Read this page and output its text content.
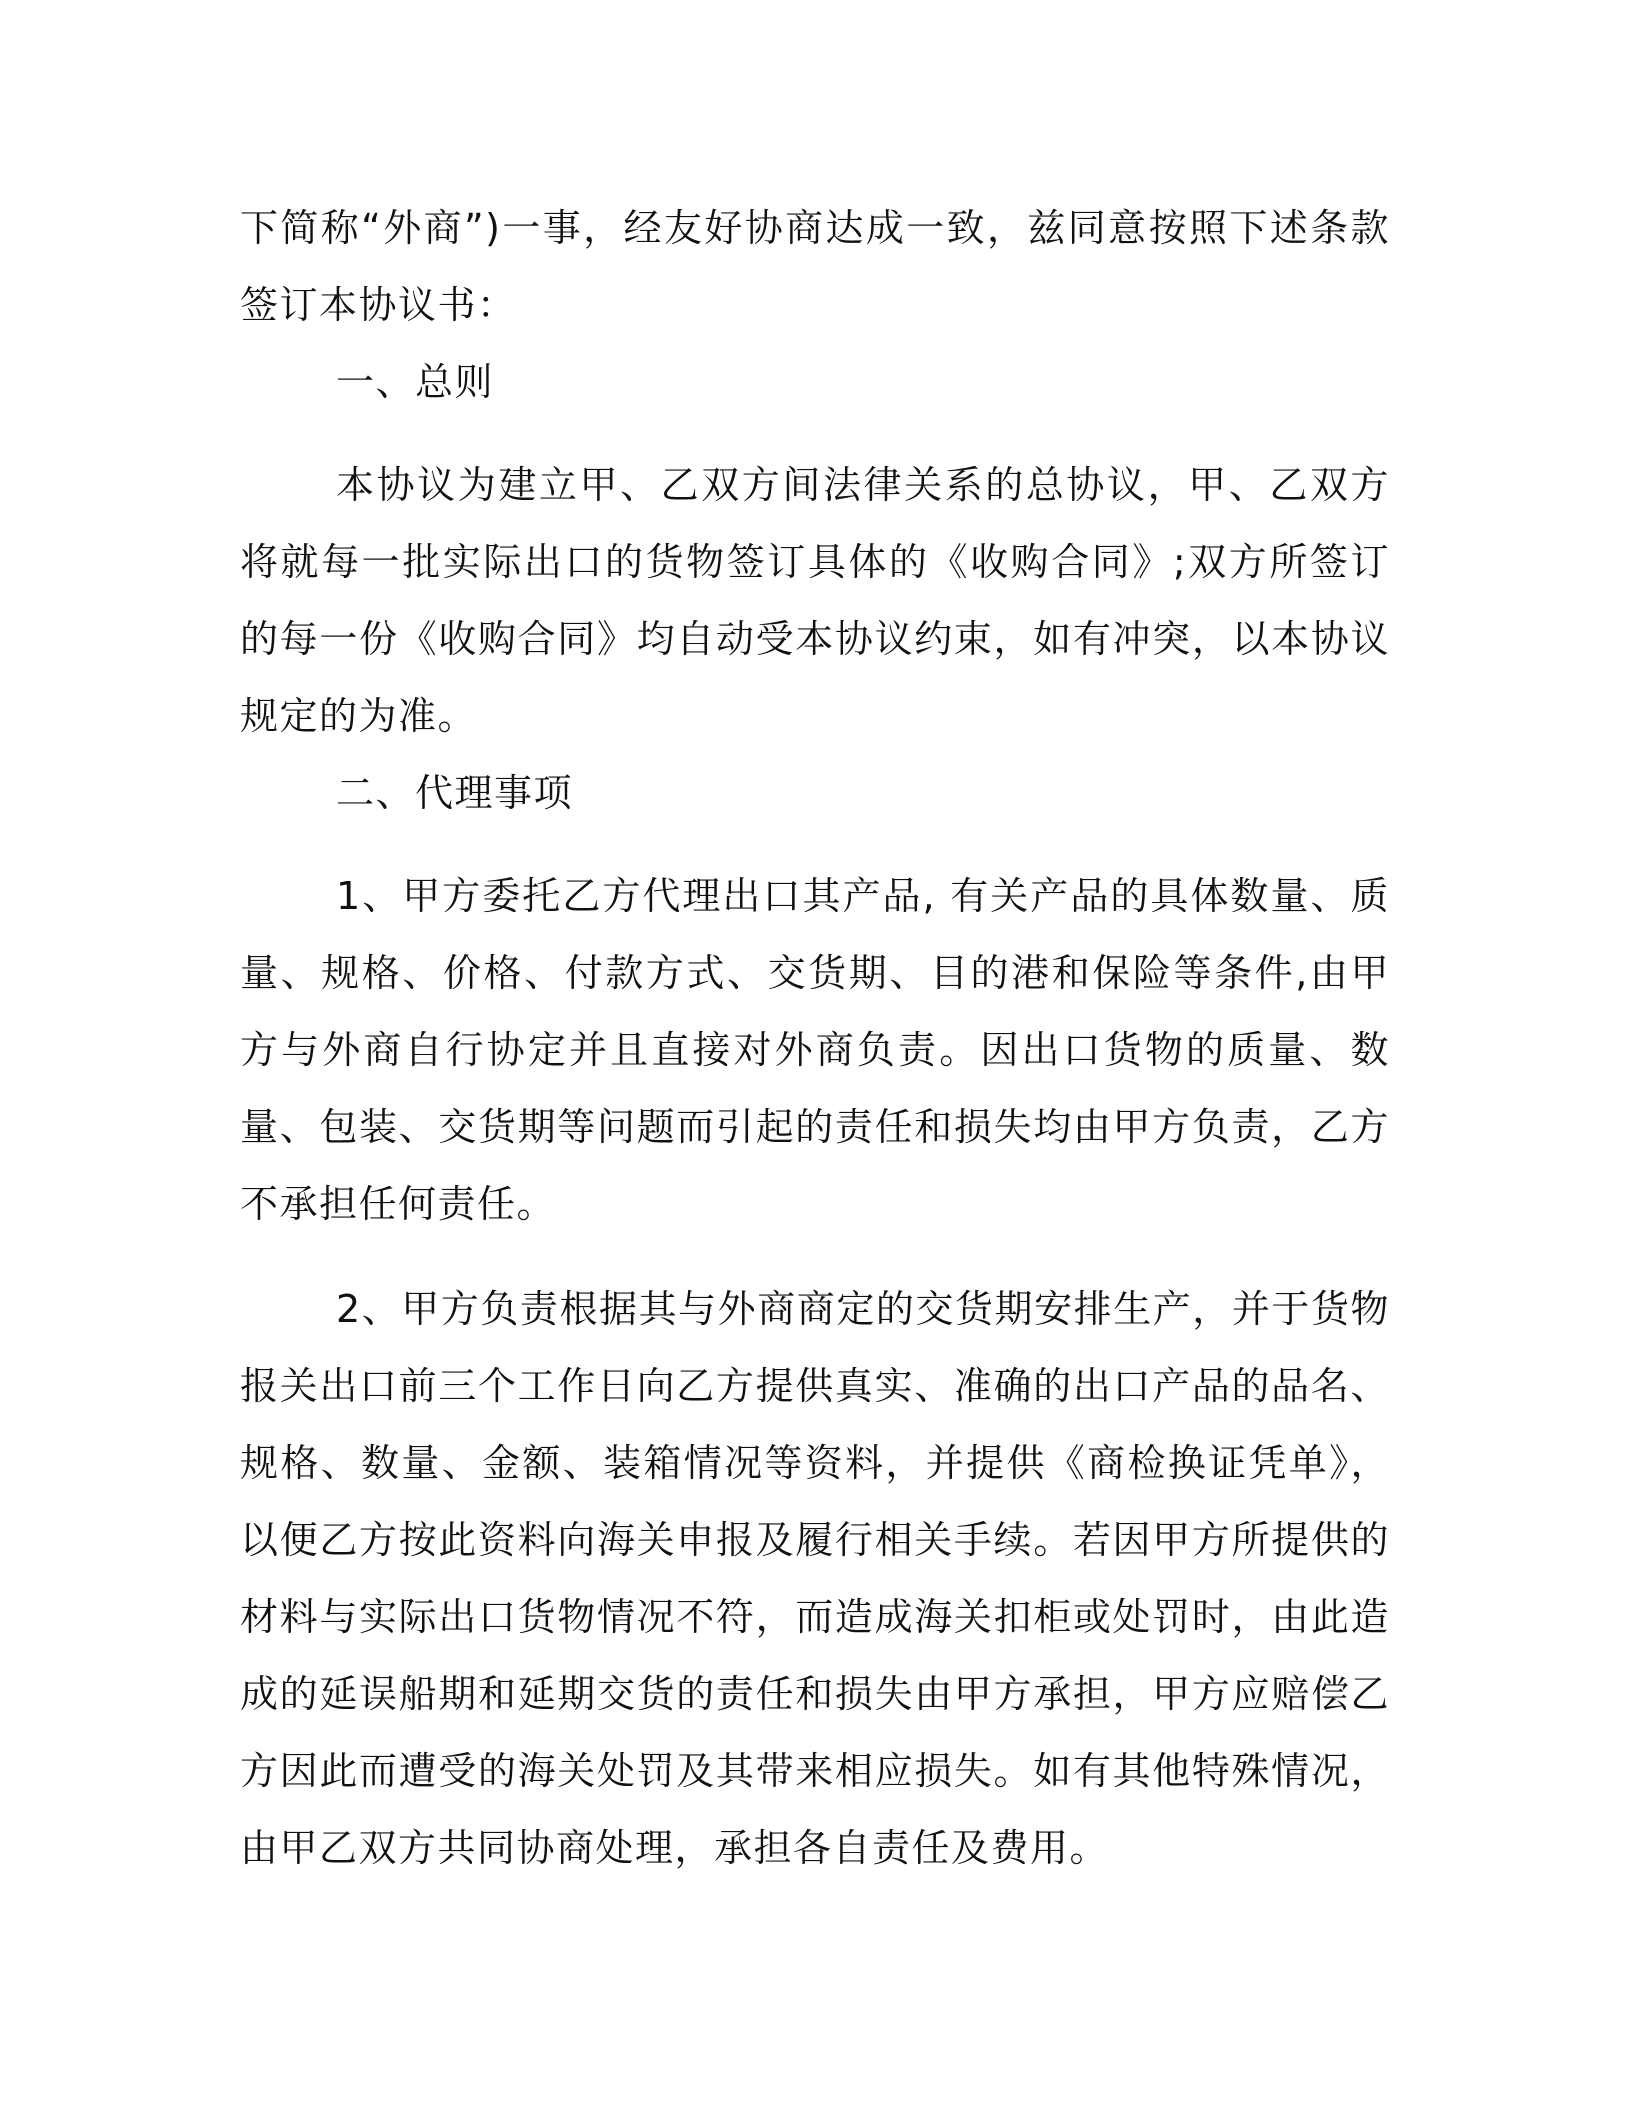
下简称“外商”)一事，经友好协商达成一致，兹同意按照下述条款签订本协议书：

一、总则

本协议为建立甲、乙双方间法律关系的总协议，甲、乙双方将就每一批实际出口的货物签订具体的《收购合同》;双方所签订的每一份《收购合同》均自动受本协议约束，如有冲突，以本协议规定的为准。

二、代理事项

1、甲方委托乙方代理出口其产品, 有关产品的具体数量、质量、规格、价格、付款方式、交货期、目的港和保险等条件,由甲方与外商自行协定并且直接对外商负责。因出口货物的质量、数量、包装、交货期等问题而引起的责任和损失均由甲方负责，乙方不承担任何责任。

2、甲方负责根据其与外商商定的交货期安排生产，并于货物报关出口前三个工作日向乙方提供真实、准确的出口产品的品名、规格、数量、金额、装箱情况等资料，并提供《商检换证凭单》，以便乙方按此资料向海关申报及履行相关手续。若因甲方所提供的材料与实际出口货物情况不符，而造成海关扣柜或处罚时，由此造成的延误船期和延期交货的责任和损失由甲方承担，甲方应赔偿乙方因此而遭受的海关处罚及其带来相应损失。如有其他特殊情况，由甲乙双方共同协商处理，承担各自责任及费用。
